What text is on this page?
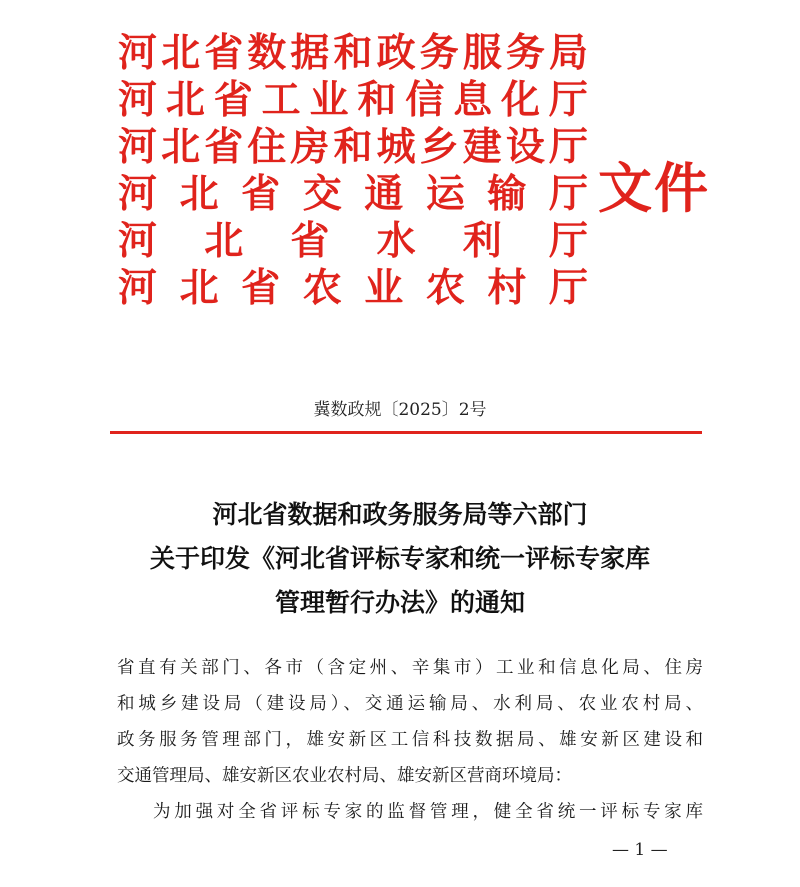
河 北 省 数 据 和 政 务 服 务 局
河 北 省 工 业 和 信 息 化 厅
河 北 省 住 房 和 城 乡 建 设 厅
河 北 省 交 通 运 输 厅
河 北 省 水 利 厅
河 北 省 农 业 农 村 厅
文件
冀数政规〔2025〕2号
河北省数据和政务服务局等六部门
关于印发《河北省评标专家和统一评标专家库
管理暂行办法》的通知
省直有关部门、各市（含定州、辛集市）工业和信息化局、住房
和城乡建设局（建设局）、交通运输局、水利局、农业农村局、
政务服务管理部门，雄安新区工信科技数据局、雄安新区建设和
交通管理局、雄安新区农业农村局、雄安新区营商环境局：
为加强对全省评标专家的监督管理，健全省统一评标专家库
— 1 —
